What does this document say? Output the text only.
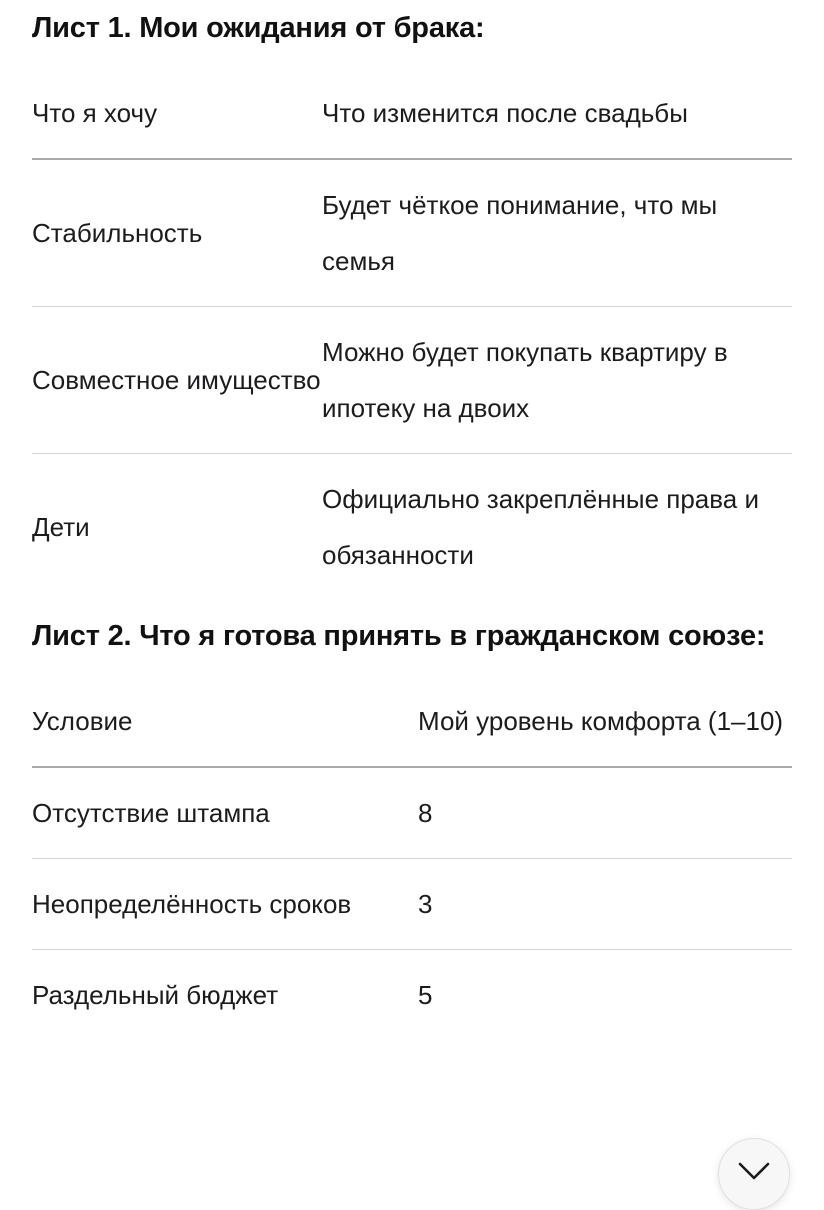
Лист 1. Мои ожидания от брака:
Что я хочу	Что изменится после свадьбы
Стабильность	Будет чёткое понимание, что мы семья
Совместное имущество	Можно будет покупать квартиру в ипотеку на двоих
Дети	Официально закреплённые права и обязанности
Лист 2. Что я готова принять в гражданском союзе:
Условие	Мой уровень комфорта (1–10)
Отсутствие штампа	8
Неопределённость сроков	3
Раздельный бюджет	5
